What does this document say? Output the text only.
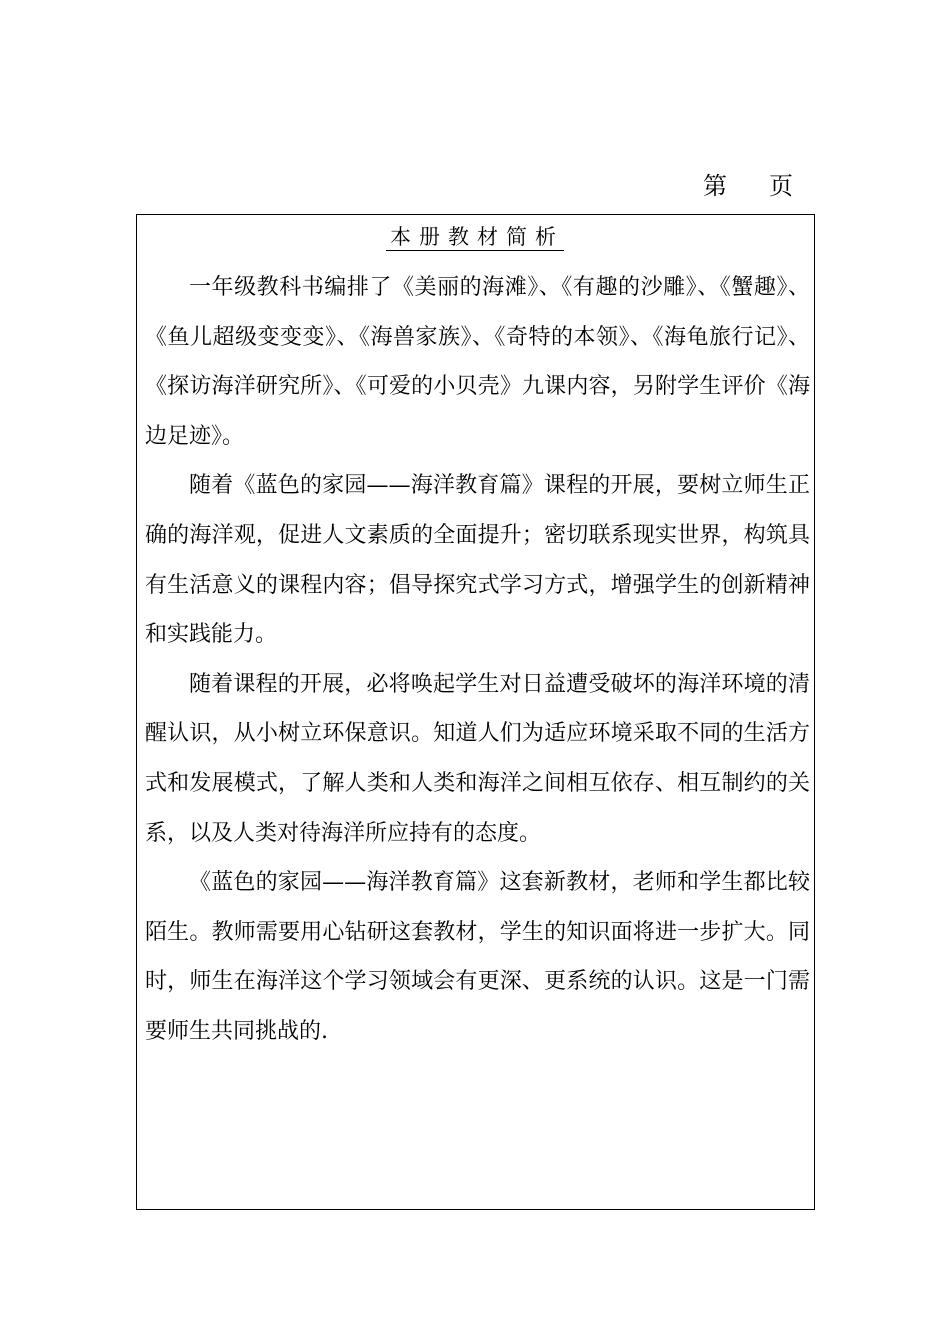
第 页
本册教材简析

一年级教科书编排了《美丽的海滩》、《有趣的沙雕》、《蟹趣》、《鱼儿超级变变变》、《海兽家族》、《奇特的本领》、《海龟旅行记》、《探访海洋研究所》、《可爱的小贝壳》九课内容，另附学生评价《海边足迹》。

随着《蓝色的家园——海洋教育篇》课程的开展，要树立师生正确的海洋观，促进人文素质的全面提升；密切联系现实世界，构筑具有生活意义的课程内容；倡导探究式学习方式，增强学生的创新精神和实践能力。

随着课程的开展，必将唤起学生对日益遭受破坏的海洋环境的清醒认识，从小树立环保意识。知道人们为适应环境采取不同的生活方式和发展模式，了解人类和人类和海洋之间相互依存、相互制约的关系，以及人类对待海洋所应持有的态度。

《蓝色的家园——海洋教育篇》这套新教材，老师和学生都比较陌生。教师需要用心钻研这套教材，学生的知识面将进一步扩大。同时，师生在海洋这个学习领域会有更深、更系统的认识。这是一门需要师生共同挑战的.
